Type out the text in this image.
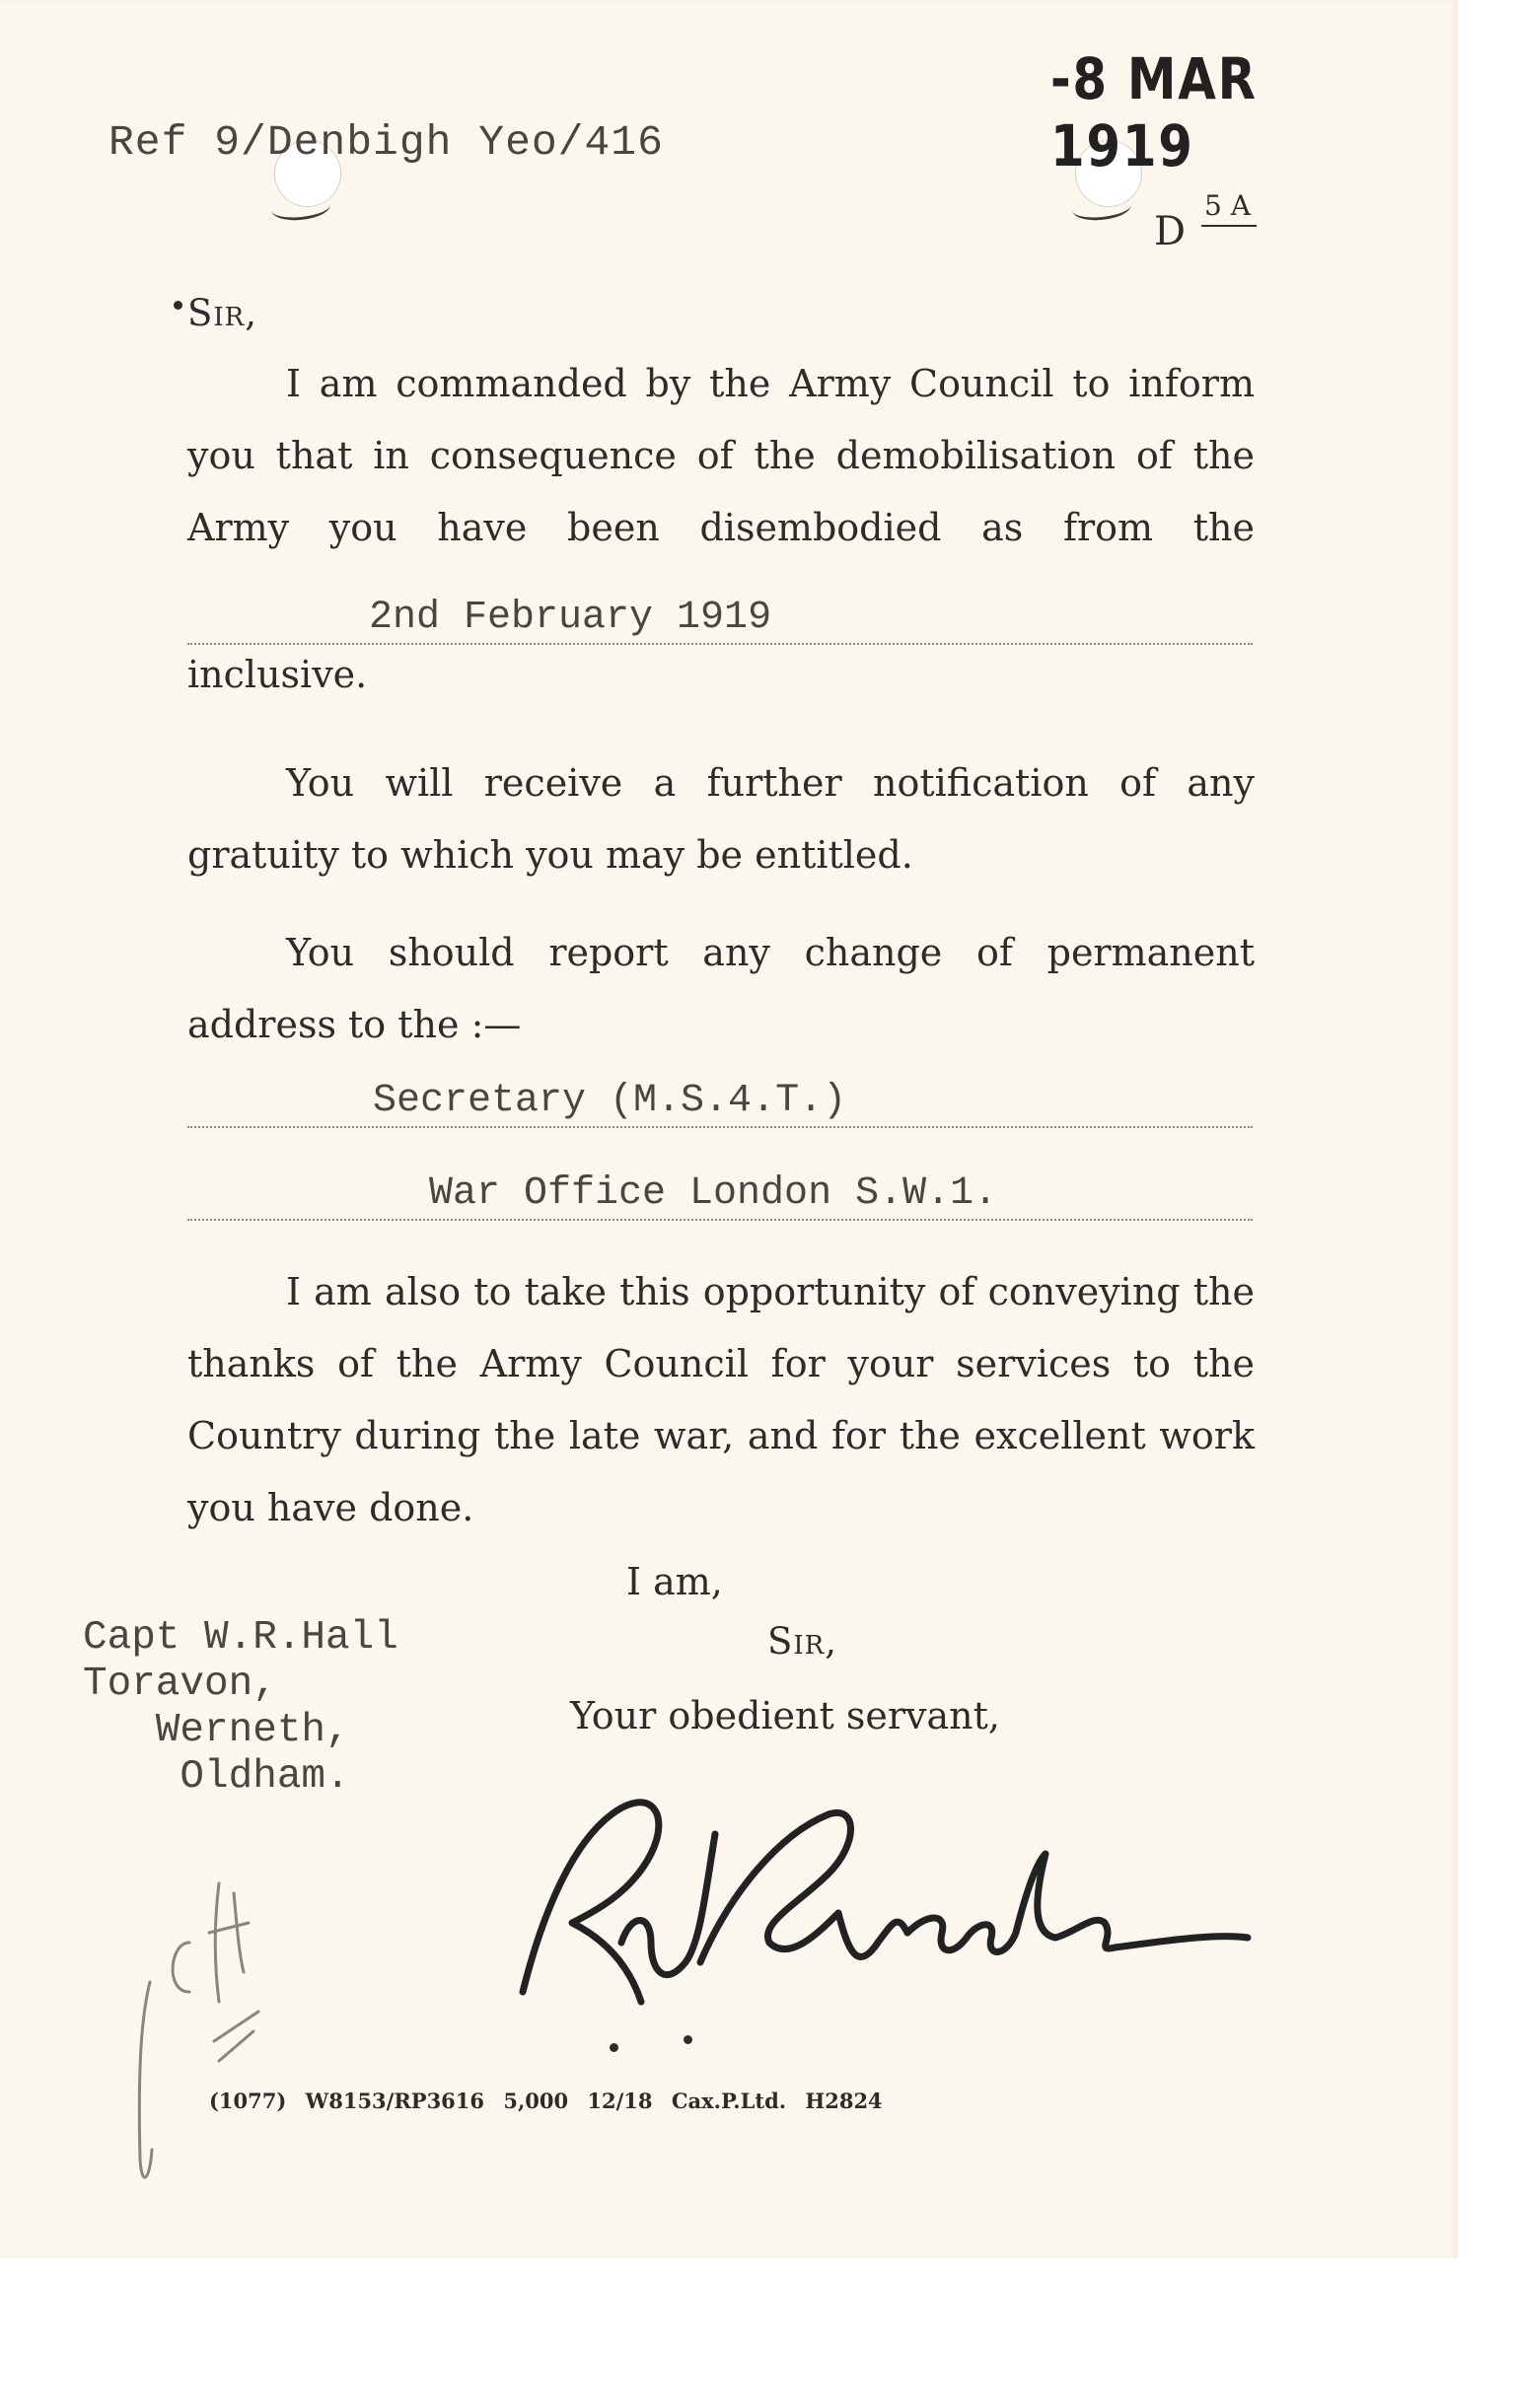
Ref 9/Denbigh Yeo/416
-8 MAR 1919
D
5 A
Sir,
I am commanded by the Army Council to inform you that in consequence of the demobilisation of the Army you have been disembodied as from the
2nd February 1919
inclusive.
You will receive a further notification of any gratuity to which you may be entitled.
You should report any change of permanent address to the :—
Secretary (M.S.4.T.)
War Office London S.W.1.
I am also to take this opportunity of conveying the thanks of the Army Council for your services to the Country during the late war, and for the excellent work you have done.
I am,
Sir,
Your obedient servant,
Capt W.R.Hall
Toravon,
Werneth,
Oldham.
(1077) W8153/RP3616 5,000 12/18 Cax.P.Ltd. H2824
